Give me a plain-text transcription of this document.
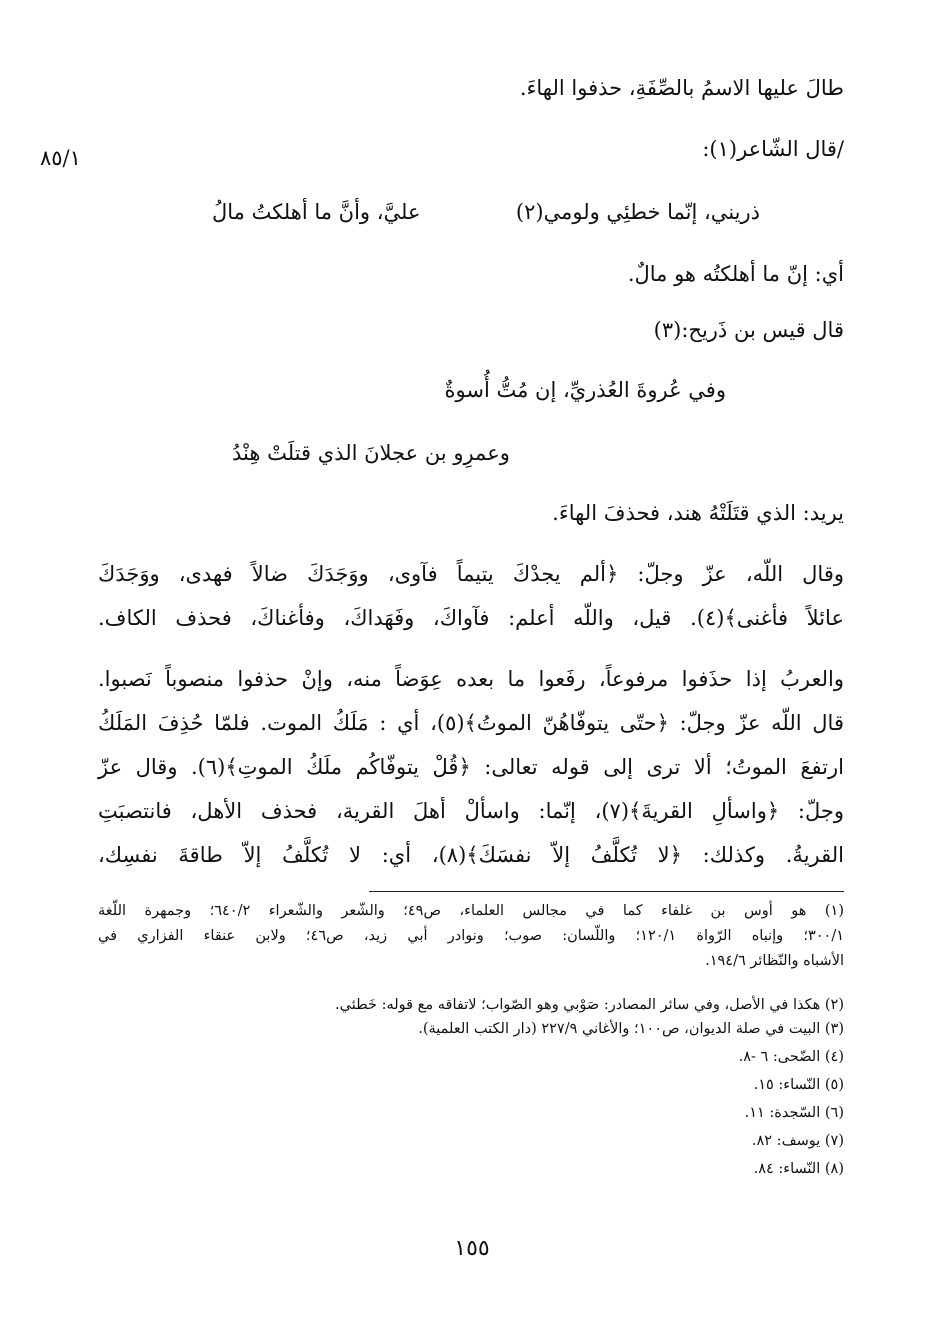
٨٥/١
طالَ عليها الاسمُ بالصِّفَةِ، حذفوا الهاءَ.
/قال الشّاعر(١):
ذريني، إنّما خطئِي ولومي(٢)
عليَّ، وأنَّ ما أهلكتُ مالُ
أي: إنّ ما أهلكتُه هو مالٌ.
قال قيس بن ذَريح:(٣)
وفي عُروةَ العُذريِّ، إن مُتُّ أُسوةٌ
وعمرِو بن عجلانَ الذي قتلَتْ هِنْدُ
يريد: الذي قتَلَتْهُ هند، فحذفَ الهاءَ.
وقال اللّه، عزّ وجلّ: ﴿ألم يجدْكَ يتيماً فآوى، ووَجَدَكَ ضالاً فهدى، ووَجَدَكَ
عائلاً فأغنى﴾(٤). قيل، واللّه أعلم: فآواكَ، وفَهَداكَ، وفأغناكَ، فحذف الكاف.
والعربُ إذا حذَفوا مرفوعاً، رفَعوا ما بعده عِوَضاً منه، وإنْ حذفوا منصوباً نَصبوا.
قال اللّه عزّ وجلّ: ﴿حتّى يتوفّاهُنّ الموتُ﴾(٥)، أي : مَلَكُ الموت. فلمّا حُذِفَ المَلَكُ
ارتفعَ الموتُ؛ ألا ترى إلى قوله تعالى: ﴿قُلْ يتوفّاكُم ملَكُ الموتِ﴾(٦). وقال عزّ
وجلّ: ﴿واسألِ القريةَ﴾(٧)، إنّما: واسألْ أهلَ القرية، فحذف الأهل، فانتصبَتِ
القريةُ. وكذلك: ﴿لا تُكلَّفُ إلاّ نفسَكَ﴾(٨)، أي: لا تُكلَّفُ إلاّ طاقةَ نفسِك،
(١) هو أوس بن غلفاء كما في مجالس العلماء، ص٤٩؛ والشّعر والشّعراء ٦٤٠/٢؛ وجمهرة اللّغة
٣٠٠/١؛ وإنباه الرّواة ١٢٠/١؛ واللّسان: صوب؛ ونوادر أبي زيد، ص٤٦؛ ولابن عنقاء الفزاري في
الأشباه والنّظائر ١٩٤/٦.
(٢) هكذا في الأصل، وفي سائر المصادر: صَوْبي وهو الصّواب؛ لاتفاقه مع قوله: خَطئي.
(٣) البيت في صلة الديوان، ص١٠٠؛ والأغاني ٢٢٧/٩ (دار الكتب العلمية).
(٤) الضّحى: ٦ -٨.
(٥) النّساء: ١٥.
(٦) السّجدة: ١١.
(٧) يوسف: ٨٢.
(٨) النّساء: ٨٤.
١٥٥
